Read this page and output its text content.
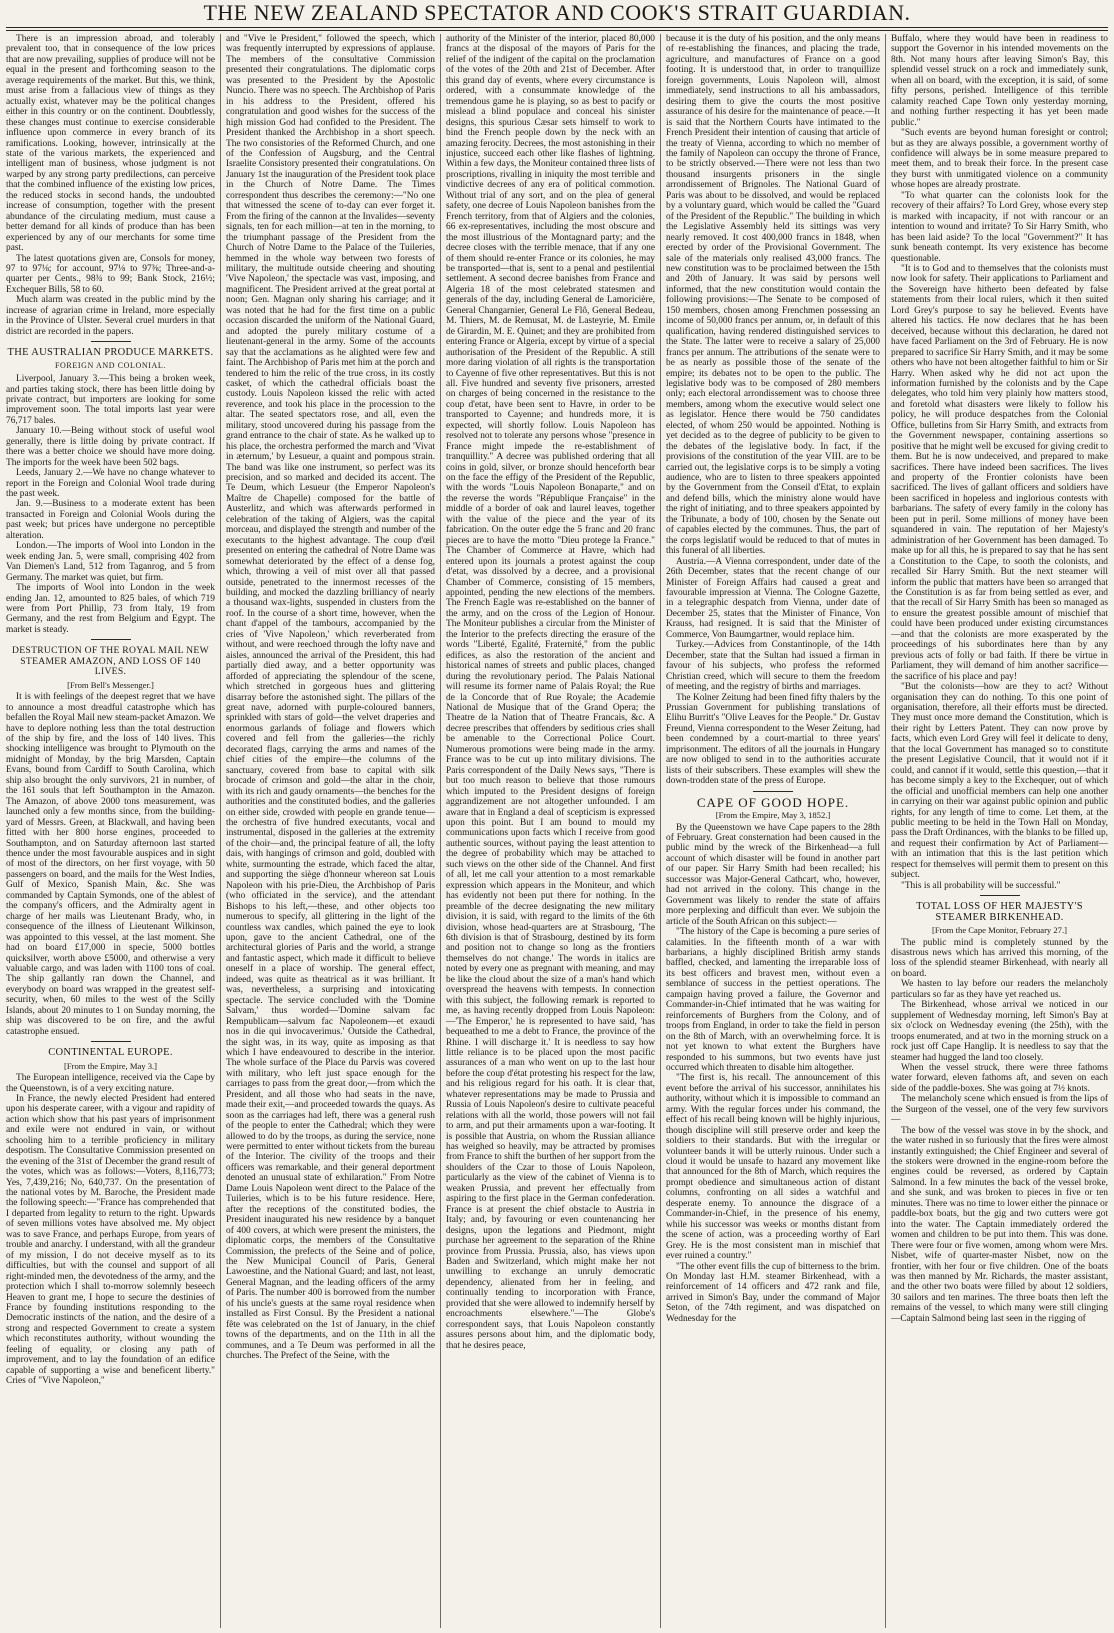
THE NEW ZEALAND SPECTATOR AND COOK'S STRAIT GUARDIAN.

There is an impression abroad, and tolerably prevalent too, that in consequence of the low prices that are now prevailing, supplies of produce will not be equal in the present and forthcoming season to the average requirements of the market. But this, we think, must arise from a fallacious view of things as they actually exist, whatever may be the political changes either in this country or on the continent. Doubtlessly, these changes must continue to exercise considerable influence upon commerce in every branch of its ramifications. Looking, however, intrinsically at the state of the various markets, the experienced and intelligent man of business, whose judgment is not warped by any strong party predilections, can perceive that the combined influence of the existing low prices, the reduced stocks in second hands, the undoubted increase of consumption, together with the present abundance of the circulating medium, must cause a better demand for all kinds of produce than has been experienced by any of our merchants for some time past.

The latest quotations given are, Consols for money, 97 to 97⅛; for account, 97⅛ to 97⅜; Three-and-a-quarter per Cents., 98¾ to 99; Bank Stock, 216½; Exchequer Bills, 58 to 60.

Much alarm was created in the public mind by the increase of agrarian crime in Ireland, more especially in the Province of Ulster. Several cruel murders in that district are recorded in the papers.

THE AUSTRALIAN PRODUCE MARKETS.
FOREIGN AND COLONIAL.

Liverpool, January 3.—This being a broken week, and parties taking stock, there has been little doing by private contract, but importers are looking for some improvement soon. The total imports last year were 76,717 bales.

January 10.—Being without stock of useful wool generally, there is little doing by private contract. If there was a better choice we should have more doing. The imports for the week have been 502 bags.

Leeds, January 2.—We have no change whatever to report in the Foreign and Colonial Wool trade during the past week.

Jan. 9.—Business to a moderate extent has been transacted in Foreign and Colonial Wools during the past week; but prices have undergone no perceptible alteration.

London.—The imports of Wool into London in the week ending Jan. 5, were small, comprising 402 from Van Diemen's Land, 512 from Taganrog, and 5 from Germany. The market was quiet, but firm.

The imports of Wool into London in the week ending Jan. 12, amounted to 825 bales, of which 719 were from Port Phillip, 73 from Italy, 19 from Germany, and the rest from Belgium and Egypt. The market is steady.

DESTRUCTION OF THE ROYAL MAIL NEW STEAMER AMAZON, AND LOSS OF 140 LIVES.
[From Bell's Messenger.]

It is with feelings of the deepest regret that we have to announce a most dreadful catastrophe which has befallen the Royal Mail new steam-packet Amazon. We have to deplore nothing less than the total destruction of the ship by fire, and the loss of 140 lives. This shocking intelligence was brought to Plymouth on the midnight of Monday, by the brig Marsden, Captain Evans, bound from Cardiff to South Carolina, which ship also brought the only survivors, 21 in number, of the 161 souls that left Southampton in the Amazon. The Amazon, of above 2000 tons measurement, was launched only a few months since, from the building-yard of Messrs. Green, at Blackwall, and having been fitted with her 800 horse engines, proceeded to Southampton, and on Saturday afternoon last started thence under the most favourable auspices and in sight of most of the directors, on her first voyage, with 50 passengers on board, and the mails for the West Indies, Gulf of Mexico, Spanish Main, &c. She was commanded by Captain Symonds, one of the ablest of the company's officers, and the Admiralty agent in charge of her mails was Lieutenant Brady, who, in consequence of the illness of Lieutenant Wilkinson, was appointed to this vessel, at the last moment. She had on board £17,000 in specie, 5000 bottles quicksilver, worth above £5000, and otherwise a very valuable cargo, and was laden with 1100 tons of coal. The ship gallantly ran down the Channel, and everybody on board was wrapped in the greatest self-security, when, 60 miles to the west of the Scilly Islands, about 20 minutes to 1 on Sunday morning, the ship was discovered to be on fire, and the awful catastrophe ensued.

CONTINENTAL EUROPE.
[From the Empire, May 3.]

The European intelligence, received via the Cape by the Queenstown, is of a very exciting nature.

In France, the newly elected President had entered upon his desperate career, with a vigour and rapidity of action which show that his past years of imprisonment and exile were not endured in vain, or without schooling him to a terrible proficiency in military despotism. The Consultative Commission presented on the evening of the 31st of December the grand result of the votes, which was as follows:—Voters, 8,116,773; Yes, 7,439,216; No, 640,737. On the presentation of the national votes by M. Baroche, the President made the following speech:—"France has comprehended that I departed from legality to return to the right. Upwards of seven millions votes have absolved me. My object was to save France, and perhaps Europe, from years of trouble and anarchy. I understand, with all the grandeur of my mission, I do not deceive myself as to its difficulties, but with the counsel and support of all right-minded men, the devotedness of the army, and the protection which I shall to-morrow solemnly beseech Heaven to grant me, I hope to secure the destinies of France by founding institutions responding to the Democratic instincts of the nation, and the desire of a strong and respected Government to create a system which reconstitutes authority, without wounding the feeling of equality, or closing any path of improvement, and to lay the foundation of an edifice capable of supporting a wise and beneficent liberty." Cries of "Vive Napoleon,"

and "Vive le President," followed the speech, which was frequently interrupted by expressions of applause. The members of the consultative Commission presented their congratulations. The diplomatic corps was presented to the President by the Apostolic Nuncio. There was no speech. The Archbishop of Paris in his address to the President, offered his congratulation and good wishes for the success of the high mission God had confided to the President. The President thanked the Archbishop in a short speech. The two consistories of the Reformed Church, and one of the Confession of Augsburg, and the Central Israelite Consistory presented their congratulations. On January 1st the inauguration of the President took place in the Church of Notre Dame. The Times correspondent thus describes the ceremony:—"No one that witnessed the scene of to-day can ever forget it. From the firing of the cannon at the Invalides—seventy signals, ten for each million—at ten in the morning, to the triumphant passage of the President from the Church of Notre Dame to the Palace of the Tuileries, hemmed in the whole way between two forests of military, the multitude outside cheering and shouting 'Vive Napoleon,' the spectacle was vast, imposing, and magnificent. The President arrived at the great portal at noon; Gen. Magnan only sharing his carriage; and it was noted that he had for the first time on a public occasion discarded the uniform of the National Guard, and adopted the purely military costume of a lieutenant-general in the army. Some of the accounts say that the acclamations as he alighted were few and faint. The Archbishop of Paris met him at the porch and tendered to him the relic of the true cross, in its costly casket, of which the cathedral officials boast the custody. Louis Napoleon kissed the relic with acted reverence, and took his place in the procession to the altar. The seated spectators rose, and all, even the military, stood uncovered during his passage from the grand entrance to the chair of state. As he walked up to his place, the orchestra performed the march and 'Vivat in æternum,' by Lesueur, a quaint and pompous strain. The band was like one instrument, so perfect was its precision, and so marked and decided its accent. The Te Deum, which Lesueur (the Emperor Napoleon's Maître de Chapelle) composed for the battle of Austerlitz, and which was afterwards performed in celebration of the taking of Algiers, was the capital morceau, and displayed the strength and number of the executants to the highest advantage. The coup d'œil presented on entering the cathedral of Notre Dame was somewhat deteriorated by the effect of a dense fog, which, throwing a veil of mist over all that passed outside, penetrated to the innermost recesses of the building, and mocked the dazzling brilliancy of nearly a thousand wax-lights, suspended in clusters from the roof. In the course of a short time, however, when the chant d'appel of the tambours, accompanied by the cries of 'Vive Napoleon,' which reverberated from without, and were reechoed through the lofty nave and aisles, announced the arrival of the President, this had partially died away, and a better opportunity was afforded of appreciating the splendour of the scene, which stretched in gorgeous hues and glittering disarray before the astonished sight. The pillars of the great nave, adorned with purple-coloured banners, sprinkled with stars of gold—the velvet draperies and enormous garlands of foliage and flowers which covered and fell from the galleries—the richly decorated flags, carrying the arms and names of the chief cities of the empire—the columns of the sanctuary, covered from base to capital with silk brocade of crimson and gold—the altar in the choir, with its rich and gaudy ornaments—the benches for the authorities and the constituted bodies, and the galleries on either side, crowded with people en grande tenue—the orchestra of five hundred executants, vocal and instrumental, disposed in the galleries at the extremity of the choir—and, the principal feature of all, the lofty dais, with hangings of crimson and gold, doubled with white, surmounting the estrade, which faced the altar, and supporting the siège d'honneur whereon sat Louis Napoleon with his prie-Dieu, the Archbishop of Paris (who officiated in the service), and the attendant Bishops to his left,—these, and other objects too numerous to specify, all glittering in the light of the countless wax candles, which pained the eye to look upon, gave to the ancient Cathedral, one of the architectural glories of Paris and the world, a strange and fantastic aspect, which made it difficult to believe oneself in a place of worship. The general effect, indeed, was quite as theatrical as it was brilliant. It was, nevertheless, a surprising and intoxicating spectacle. The service concluded with the 'Domine Salvam,' thus worded—'Domine salvam fac Rempublicam—salvum fac Napoleonem—et exaudi nos in die qui invocaverimus.' Outside the Cathedral, the sight was, in its way, quite as imposing as that which I have endeavoured to describe in the interior. The whole surface of the Place du Parvis was covered with military, who left just space enough for the carriages to pass from the great door,—from which the President, and all those who had seats in the nave, made their exit,—and proceeded towards the quays. As soon as the carriages had left, there was a general rush of the people to enter the Cathedral; which they were allowed to do by the troops, as during the service, none were permitted to enter without tickets from the bureau of the Interior. The civility of the troops and their officers was remarkable, and their general deportment denoted an unusual state of exhilaration." From Notre Dame Louis Napoleon went direct to the Palace of the Tuileries, which is to be his future residence. Here, after the receptions of the constituted bodies, the President inaugurated his new residence by a banquet of 400 covers, at which were present the ministers, the diplomatic corps, the members of the Consultative Commission, the prefects of the Seine and of police, the New Municipal Council of Paris, General Lawoestine, and the National Guard; and last, not least, General Magnan, and the leading officers of the army of Paris. The number 400 is borrowed from the number of his uncle's guests at the same royal residence when installed as First Consul. By the President a national fête was celebrated on the 1st of January, in the chief towns of the departments, and on the 11th in all the communes, and a Te Deum was performed in all the churches. The Prefect of the Seine, with the

authority of the Minister of the interior, placed 80,000 francs at the disposal of the mayors of Paris for the relief of the indigent of the capital on the proclamation of the votes of the 20th and 21st of December. After this grand day of events, where every circumstance is ordered, with a consummate knowledge of the tremendous game he is playing, so as best to pacify or mislead a blind populace and conceal his sinister designs, this spurious Cæsar sets himself to work to bind the French people down by the neck with an amazing ferocity. Decrees, the most astonishing in their injustice, succeed each other like flashes of lightning. Within a few days, the Moniteur contained three lists of proscriptions, rivalling in iniquity the most terrible and vindictive decrees of any era of political commotion. Without trial of any sort, and on the plea of general safety, one decree of Louis Napoleon banishes from the French territory, from that of Algiers and the colonies, 66 ex-representatives, including the most obscure and the most illustrious of the Montagnard party; and the decree closes with the terrible menace, that if any one of them should re-enter France or its colonies, he may be transported—that is, sent to a penal and pestilential settlement. A second decree banishes from France and Algeria 18 of the most celebrated statesmen and generals of the day, including General de Lamoricière, General Changarnier, General Le Flô, General Bedeau, M. Thiers, M. de Remusat, M. de Lasteyrie, M. Emile de Girardin, M. E. Quinet; and they are prohibited from entering France or Algeria, except by virtue of a special authorisation of the President of the Republic. A still more daring violation of all rights is the transportation to Cayenne of five other representatives. But this is not all. Five hundred and seventy five prisoners, arrested on charges of being concerned in the resistance to the coup d'etat, have been sent to Havre, in order to be transported to Cayenne; and hundreds more, it is expected, will shortly follow. Louis Napoleon has resolved not to tolerate any persons whose "presence in France might impede the re-establishment of tranquillity." A decree was published ordering that all coins in gold, silver, or bronze should henceforth bear on the face the effigy of the President of the Republic, with the words "Louis Napoleon Bonaparte," and on the reverse the words "République Française" in the middle of a border of oak and laurel leaves, together with the value of the piece and the year of its fabrication. On the outer edge the 5 franc and 20 franc pieces are to have the motto "Dieu protege la France." The Chamber of Commerce at Havre, which had entered upon its journals a protest against the coup d'etat, was dissolved by a decree, and a provisional Chamber of Commerce, consisting of 15 members, appointed, pending the new elections of the members. The French Eagle was re-established on the banner of the army, and on the cross of the Legion of Honour. The Moniteur publishes a circular from the Minister of the Interior to the prefects directing the erasure of the words "Liberté, Egalité, Fraternité," from the public edifices, as also the restoration of the ancient and historical names of streets and public places, changed during the revolutionary period. The Palais National will resume its former name of Palais Royal; the Rue de la Concorde that of Rue Royale; the Academie National de Musique that of the Grand Opera; the Theatre de la Nation that of Theatre Francais, &c. A decree prescribes that offenders by seditious cries shall be amenable to the Correctional Police Court. Numerous promotions were being made in the army. France was to be cut up into military divisions. The Paris correspondent of the Daily News says, "There is but too much reason to believe that those rumours which imputed to the President designs of foreign aggrandizement are not altogether unfounded. I am aware that in England a deal of scepticism is expressed upon this point. But I am bound to mould my communications upon facts which I receive from good authentic sources, without paying the least attention to the degree of probability which may be attached to such views on the other side of the Channel. And first of all, let me call your attention to a most remarkable expression which appears in the Moniteur, and which has evidently not been put there for nothing. In the preamble of the decree designating the new military division, it is said, with regard to the limits of the 6th division, whose head-quarters are at Strasbourg, 'The 6th division is that of Strasbourg, destined by its form and position not to change so long as the frontiers themselves do not change.' The words in italics are noted by every one as pregnant with meaning, and may be like the cloud about the size of a man's hand which overspread the heavens with tempests. In connection with this subject, the following remark is reported to me, as having recently dropped from Louis Napoleon:—'The Emperor,' he is represented to have said, 'has bequeathed to me a debt to France, the province of the Rhine. I will discharge it.' It is needless to say how little reliance is to be placed upon the most pacific assurances of a man who went on up to the last hour before the coup d'état protesting his respect for the law, and his religious regard for his oath. It is clear that, whatever representations may be made to Prussia and Russia of Louis Napoleon's desire to cultivate peaceful relations with all the world, those powers will not fail to arm, and put their armaments upon a war-footing. It is possible that Austria, on whom the Russian alliance has weighed so heavily, may be attracted by promises from France to shift the burthen of her support from the shoulders of the Czar to those of Louis Napoleon, particularly as the view of the cabinet of Vienna is to weaken Prussia, and prevent her effectually from aspiring to the first place in the German confederation. France is at present the chief obstacle to Austria in Italy; and, by favouring or even countenancing her designs, upon the legations and Piedmont, might purchase her agreement to the separation of the Rhine province from Prussia. Prussia, also, has views upon Baden and Switzerland, which might make her not unwilling to exchange an unruly democratic dependency, alienated from her in feeling, and continually tending to incorporation with France, provided that she were allowed to indemnify herself by encroachments elsewhere."—The Globe's correspondent says, that Louis Napoleon constantly assures persons about him, and the diplomatic body, that he desires peace,

because it is the duty of his position, and the only means of re-establishing the finances, and placing the trade, agriculture, and manufactures of France on a good footing. It is understood that, in order to tranquillize foreign governments, Louis Napoleon will, almost immediately, send instructions to all his ambassadors, desiring them to give the courts the most positive assurance of his desire for the maintenance of peace.—It is said that the Northern Courts have intimated to the French President their intention of causing that article of the treaty of Vienna, according to which no member of the family of Napoleon can occupy the throne of France, to be strictly observed.—There were not less than two thousand insurgents prisoners in the single arrondissement of Brignoles. The National Guard of Paris was about to be dissolved, and would be replaced by a voluntary guard, which would be called the "Guard of the President of the Republic." The building in which the Legislative Assembly held its sittings was very nearly removed. It cost 400,000 francs in 1848, when erected by order of the Provisional Government. The sale of the materials only realised 43,000 francs. The new constitution was to be proclaimed between the 15th and 20th of January. It was said by persons well informed, that the new constitution would contain the following provisions:—The Senate to be composed of 150 members, chosen among Frenchmen possessing an income of 50,000 francs per annum, or, in default of this qualification, having rendered distinguished services to the State. The latter were to receive a salary of 25,000 francs per annum. The attributions of the senate were to be as nearly as possible those of the senate of the empire; its debates not to be open to the public. The legislative body was to be composed of 280 members only; each electoral arrondissement was to choose three members, among whom the executive would select one as legislator. Hence there would be 750 candidates elected, of whom 250 would be appointed. Nothing is yet decided as to the degree of publicity to be given to the debates of the legislative body. In fact, if the provisions of the constitution of the year VIII. are to be carried out, the legislative corps is to be simply a voting audience, who are to listen to three speakers appointed by the Government from the Conseil d'Etat, to explain and defend bills, which the ministry alone would have the right of initiating, and to three speakers appointed by the Tribunate, a body of 100, chosen by the Senate out of capables elected by the communes. Thus, the part of the corps legislatif would be reduced to that of mutes in this funeral of all liberties.

Austria.—A Vienna correspondent, under date of the 26th December, states that the recent change of our Minister of Foreign Affairs had caused a great and favourable impression at Vienna. The Cologne Gazette, in a telegraphic despatch from Vienna, under date of December 25, states that the Minister of Finance, Von Krauss, had resigned. It is said that the Minister of Commerce, Von Baumgartner, would replace him.

Turkey.—Advices from Constantinople, of the 14th December, state that the Sultan had issued a firman in favour of his subjects, who profess the reformed Christian creed, which will secure to them the freedom of meeting, and the registry of births and marriages.

The Kolner Zeitung had been fined fifty thalers by the Prussian Government for publishing translations of Elihu Burritt's "Olive Leaves for the People." Dr. Gustav Freund, Vienna correspondent to the Weser Zeitung, had been condemned by a court-martial to three years' imprisonment. The editors of all the journals in Hungary are now obliged to send in to the authorities accurate lists of their subscribers. These examples will shew the down-trodden state of the press of Europe.

CAPE OF GOOD HOPE.
[From the Empire, May 3, 1852.]

By the Queenstown we have Cape papers to the 28th of February. Great consternation had been caused in the public mind by the wreck of the Birkenhead—a full account of which disaster will be found in another part of our paper. Sir Harry Smith had been recalled; his successor was Major-General Cathcart, who, however, had not arrived in the colony. This change in the Government was likely to render the state of affairs more perplexing and difficult than ever. We subjoin the article of the South African on this subject:—

"The history of the Cape is becoming a pure series of calamities. In the fifteenth month of a war with barbarians, a highly disciplined British army stands baffled, checked, and lamenting the irreparable loss of its best officers and bravest men, without even a semblance of success in the pettiest operations. The campaign having proved a failure, the Governor and Commander-in-Chief intimated that he was waiting for reinforcements of Burghers from the Colony, and of troops from England, in order to take the field in person on the 8th of March, with an overwhelming force. It is not yet known to what extent the Burghers have responded to his summons, but two events have just occurred which threaten to disable him altogether.

"The first is, his recall. The announcement of this event before the arrival of his successor, annihilates his authority, without which it is impossible to command an army. With the regular forces under his command, the effect of his recall being known will be highly injurious, though discipline will still preserve order and keep the soldiers to their standards. But with the irregular or volunteer bands it will be utterly ruinous. Under such a cloud it would be unsafe to hazard any movement like that announced for the 8th of March, which requires the prompt obedience and simultaneous action of distant columns, confronting on all sides a watchful and desperate enemy. To announce the disgrace of a Commander-in-Chief, in the presence of his enemy, while his successor was weeks or months distant from the scene of action, was a proceeding worthy of Earl Grey. He is the most consistent man in mischief that ever ruined a country."

"The other event fills the cup of bitterness to the brim. On Monday last H.M. steamer Birkenhead, with a reinforcement of 14 officers and 472 rank and file, arrived in Simon's Bay, under the command of Major Seton, of the 74th regiment, and was dispatched on Wednesday for the

Buffalo, where they would have been in readiness to support the Governor in his intended movements on the 8th. Not many hours after leaving Simon's Bay, this splendid vessel struck on a rock and immediately sunk, when all on board, with the exception, it is said, of some fifty persons, perished. Intelligence of this terrible calamity reached Cape Town only yesterday morning, and nothing further respecting it has yet been made public."

"Such events are beyond human foresight or control; but as they are always possible, a government worthy of confidence will always be in some measure prepared to meet them, and to break their force. In the present case they burst with unmitigated violence on a community whose hopes are already prostrate.

"To what quarter can the colonists look for the recovery of their affairs? To Lord Grey, whose every step is marked with incapacity, if not with rancour or an intention to wound and irritate? To Sir Harry Smith, who has been laid aside? To the local "Government?" It has sunk beneath contempt. Its very existence has become questionable.

"It is to God and to themselves that the colonists must now look for safety. Their applications to Parliament and the Sovereign have hitherto been defeated by false statements from their local rulers, which it then suited Lord Grey's purpose to say he believed. Events have altered his tactics. He now declares that he has been deceived, because without this declaration, he dared not have faced Parliament on the 3rd of February. He is now prepared to sacrifice Sir Harry Smith, and it may be some others who have not been altogether faithful to him or Sir Harry. When asked why he did not act upon the information furnished by the colonists and by the Cape delegates, who told him very plainly how matters stood, and foretold what disasters were likely to follow his policy, he will produce despatches from the Colonial Office, bulletins from Sir Harry Smith, and extracts from the Government newspaper, containing assertions so positive that he might well be excused for giving credit to them. But he is now undeceived, and prepared to make sacrifices. There have indeed been sacrifices. The lives and property of the Frontier colonists have been sacrificed. The lives of gallant officers and soldiers have been sacrificed in hopeless and inglorious contests with barbarians. The safety of every family in the colony has been put in peril. Some millions of money have been squandered in vain. The reputation of her Majesty's administration of her Government has been damaged. To make up for all this, he is prepared to say that he has sent a Constitution to the Cape, to sooth the colonists, and recalled Sir Harry Smith. But the next steamer will inform the public that matters have been so arranged that the Constitution is as far from being settled as ever, and that the recall of Sir Harry Smith has been so managed as to ensure the greatest possible amount of mischief that could have been produced under existing circumstances—and that the colonists are more exasperated by the proceedings of his subordinates here than by any previous acts of folly or bad faith. If there be virtue in Parliament, they will demand of him another sacrifice—the sacrifice of his place and pay!

"But the colonists—how are they to act? Without organisation they can do nothing. To this one point of organisation, therefore, all their efforts must be directed. They must once more demand the Constitution, which is their right by Letters Patent. They can now prove by facts, which even Lord Grey will feel it delicate to deny, that the local Government has managed so to constitute the present Legislative Council, that it would not if it could, and cannot if it would, settle this question,—that it has become simply a key to the Exchequer, out of which the official and unofficial members can help one another in carrying on their war against public opinion and public rights, for any length of time to come. Let them, at the public meeting to be held in the Town Hall on Monday, pass the Draft Ordinances, with the blanks to be filled up, and request their confirmation by Act of Parliament—with an intimation that this is the last petition which respect for themselves will permit them to present on this subject.

"This is all probability will be successful."

TOTAL LOSS OF HER MAJESTY'S STEAMER BIRKENHEAD.
[From the Cape Monitor, February 27.]

The public mind is completely stunned by the disastrous news which has arrived this morning, of the loss of the splendid steamer Birkenhead, with nearly all on board.

We hasten to lay before our readers the melancholy particulars so far as they have yet reached us.

The Birkenhead, whose arrival we noticed in our supplement of Wednesday morning, left Simon's Bay at six o'clock on Wednesday evening (the 25th), with the troops enumerated, and at two in the morning struck on a rock just off Cape Hanglip. It is needless to say that the steamer had hugged the land too closely.

When the vessel struck, there were three fathoms water forward, eleven fathoms aft, and seven on each side of the paddle-boxes. She was going at 7½ knots.

The melancholy scene which ensued is from the lips of the Surgeon of the vessel, one of the very few survivors—

The bow of the vessel was stove in by the shock, and the water rushed in so furiously that the fires were almost instantly extinguished; the Chief Engineer and several of the stokers were drowned in the engine-room before the engines could be reversed, as ordered by Captain Salmond. In a few minutes the back of the vessel broke, and she sunk, and was broken to pieces in five or ten minutes. There was no time to lower either the pinnace or paddle-box boats, but the gig and two cutters were got into the water. The Captain immediately ordered the women and children to be put into them. This was done. There were four or five women, among whom were Mrs. Nisbet, wife of quarter-master Nisbet, now on the frontier, with her four or five children. One of the boats was then manned by Mr. Richards, the master assistant, and the other two boats were filled by about 12 soldiers, 30 sailors and ten marines. The three boats then left the remains of the vessel, to which many were still clinging—Captain Salmond being last seen in the rigging of
